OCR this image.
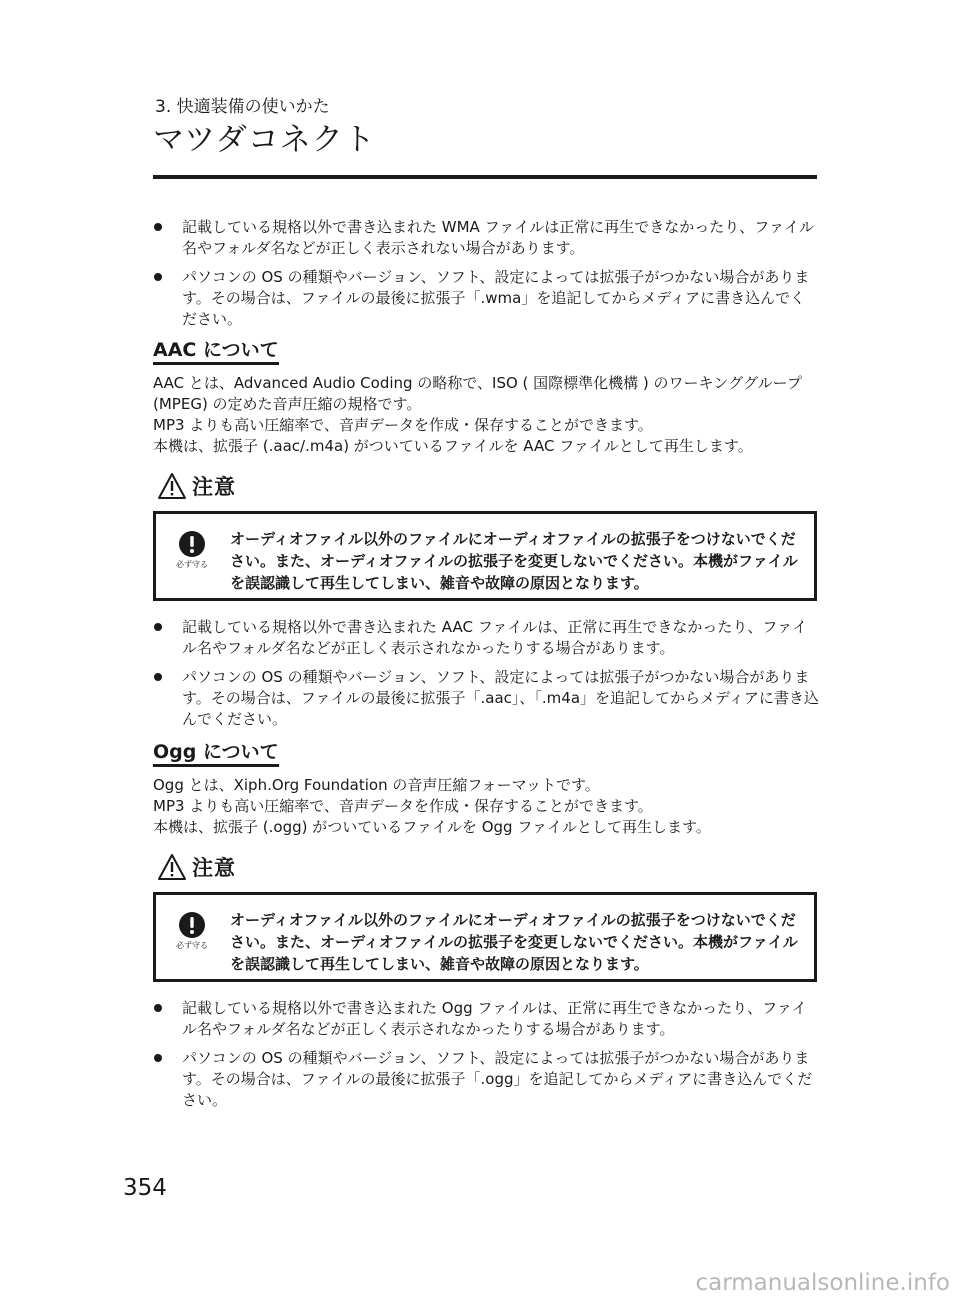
3. 快適装備の使いかた
マツダコネクト
記載している規格以外で書き込まれた WMA ファイルは正常に再生できなかったり、ファイル名やフォルダ名などが正しく表示されない場合があります。
パソコンの OS の種類やバージョン、ソフト、設定によっては拡張子がつかない場合があります。その場合は、ファイルの最後に拡張子「.wma」を追記してからメディアに書き込んでください。
AAC について

AAC とは、Advanced Audio Coding の略称で、ISO ( 国際標準化機構 ) のワーキンググループ (MPEG) の定めた音声圧縮の規格です。

MP3 よりも高い圧縮率で、音声データを作成・保存することができます。

本機は、拡張子 (.aac/.m4a) がついているファイルを AAC ファイルとして再生します。

注意
必ず守る
オーディオファイル以外のファイルにオーディオファイルの拡張子をつけないでください。また、オーディオファイルの拡張子を変更しないでください。本機がファイルを誤認識して再生してしまい、雑音や故障の原因となります。
記載している規格以外で書き込まれた AAC ファイルは、正常に再生できなかったり、ファイル名やフォルダ名などが正しく表示されなかったりする場合があります。
パソコンの OS の種類やバージョン、ソフト、設定によっては拡張子がつかない場合があります。その場合は、ファイルの最後に拡張子「.aac」、「.m4a」を追記してからメディアに書き込んでください。
Ogg について

Ogg とは、Xiph.Org Foundation の音声圧縮フォーマットです。

MP3 よりも高い圧縮率で、音声データを作成・保存することができます。

本機は、拡張子 (.ogg) がついているファイルを Ogg ファイルとして再生します。

注意
必ず守る
オーディオファイル以外のファイルにオーディオファイルの拡張子をつけないでください。また、オーディオファイルの拡張子を変更しないでください。本機がファイルを誤認識して再生してしまい、雑音や故障の原因となります。
記載している規格以外で書き込まれた Ogg ファイルは、正常に再生できなかったり、ファイル名やフォルダ名などが正しく表示されなかったりする場合があります。
パソコンの OS の種類やバージョン、ソフト、設定によっては拡張子がつかない場合があります。その場合は、ファイルの最後に拡張子「.ogg」を追記してからメディアに書き込んでください。
354
carmanualsonline.info
